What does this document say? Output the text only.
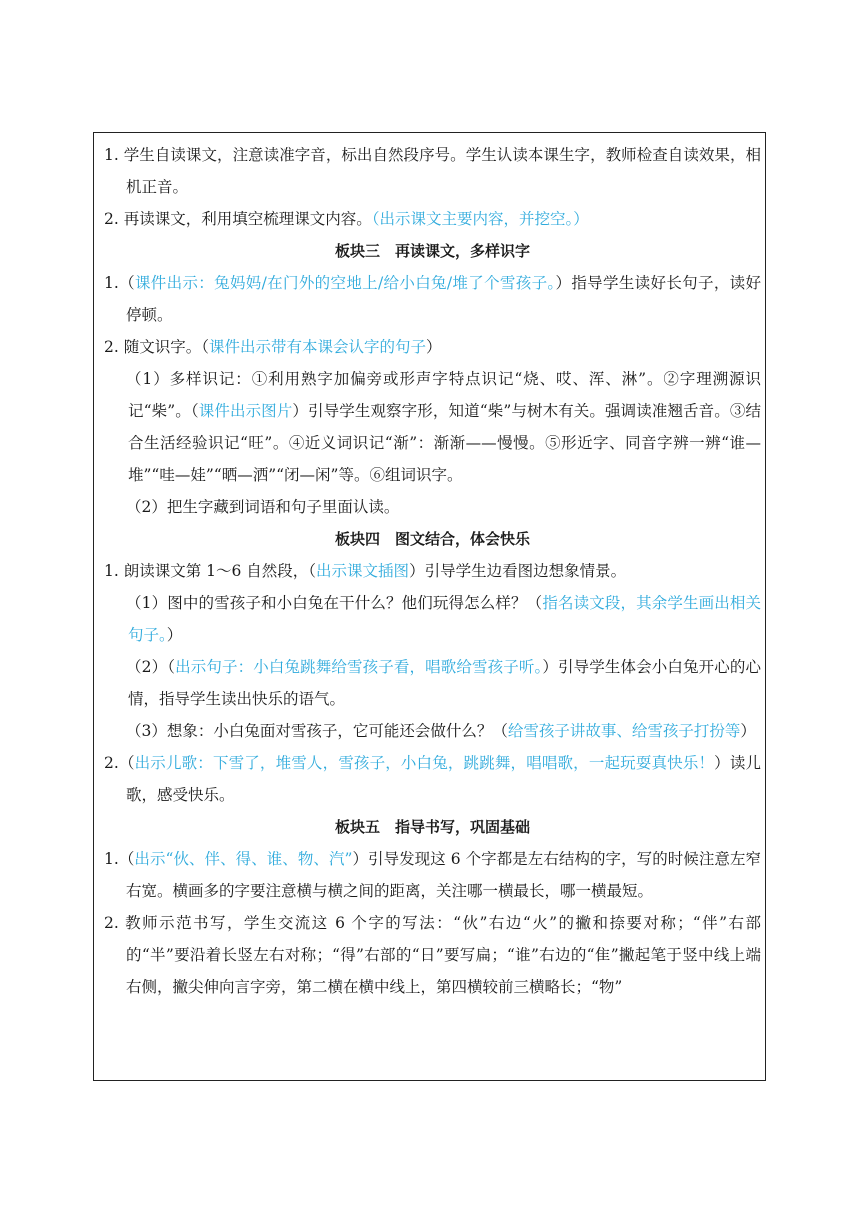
1. 学生自读课文，注意读准字音，标出自然段序号。学生认读本课生字，教师检查自读效果，相机正音。

2. 再读课文，利用填空梳理课文内容。（出示课文主要内容，并挖空。）

板块三　再读课文，多样识字

1.（课件出示：兔妈妈/在门外的空地上/给小白兔/堆了个雪孩子。）指导学生读好长句子，读好停顿。

2. 随文识字。（课件出示带有本课会认字的句子）

（1）多样识记：①利用熟字加偏旁或形声字特点识记“烧、哎、浑、淋”。②字理溯源识记“柴”。（课件出示图片）引导学生观察字形，知道“柴”与树木有关。强调读准翘舌音。③结合生活经验识记“旺”。④近义词识记“渐”：渐渐——慢慢。⑤形近字、同音字辨一辨“谁—堆”“哇—娃”“晒—洒”“闭—闲”等。⑥组词识字。

（2）把生字藏到词语和句子里面认读。

板块四　图文结合，体会快乐

1. 朗读课文第 1～6 自然段，（出示课文插图）引导学生边看图边想象情景。

（1）图中的雪孩子和小白兔在干什么？他们玩得怎么样？（指名读文段，其余学生画出相关句子。）

（2）（出示句子：小白兔跳舞给雪孩子看，唱歌给雪孩子听。）引导学生体会小白兔开心的心情，指导学生读出快乐的语气。

（3）想象：小白兔面对雪孩子，它可能还会做什么？（给雪孩子讲故事、给雪孩子打扮等）

2.（出示儿歌：下雪了，堆雪人，雪孩子，小白兔，跳跳舞，唱唱歌，一起玩耍真快乐！）读儿歌，感受快乐。

板块五　指导书写，巩固基础

1.（出示“伙、伴、得、谁、物、汽”）引导发现这 6 个字都是左右结构的字，写的时候注意左窄右宽。横画多的字要注意横与横之间的距离，关注哪一横最长，哪一横最短。

2. 教师示范书写，学生交流这 6 个字的写法：“伙”右边“火”的撇和捺要对称；“伴”右部的“半”要沿着长竖左右对称；“得”右部的“日”要写扁；“谁”右边的“隹”撇起笔于竖中线上端右侧，撇尖伸向言字旁，第二横在横中线上，第四横较前三横略长；“物”
